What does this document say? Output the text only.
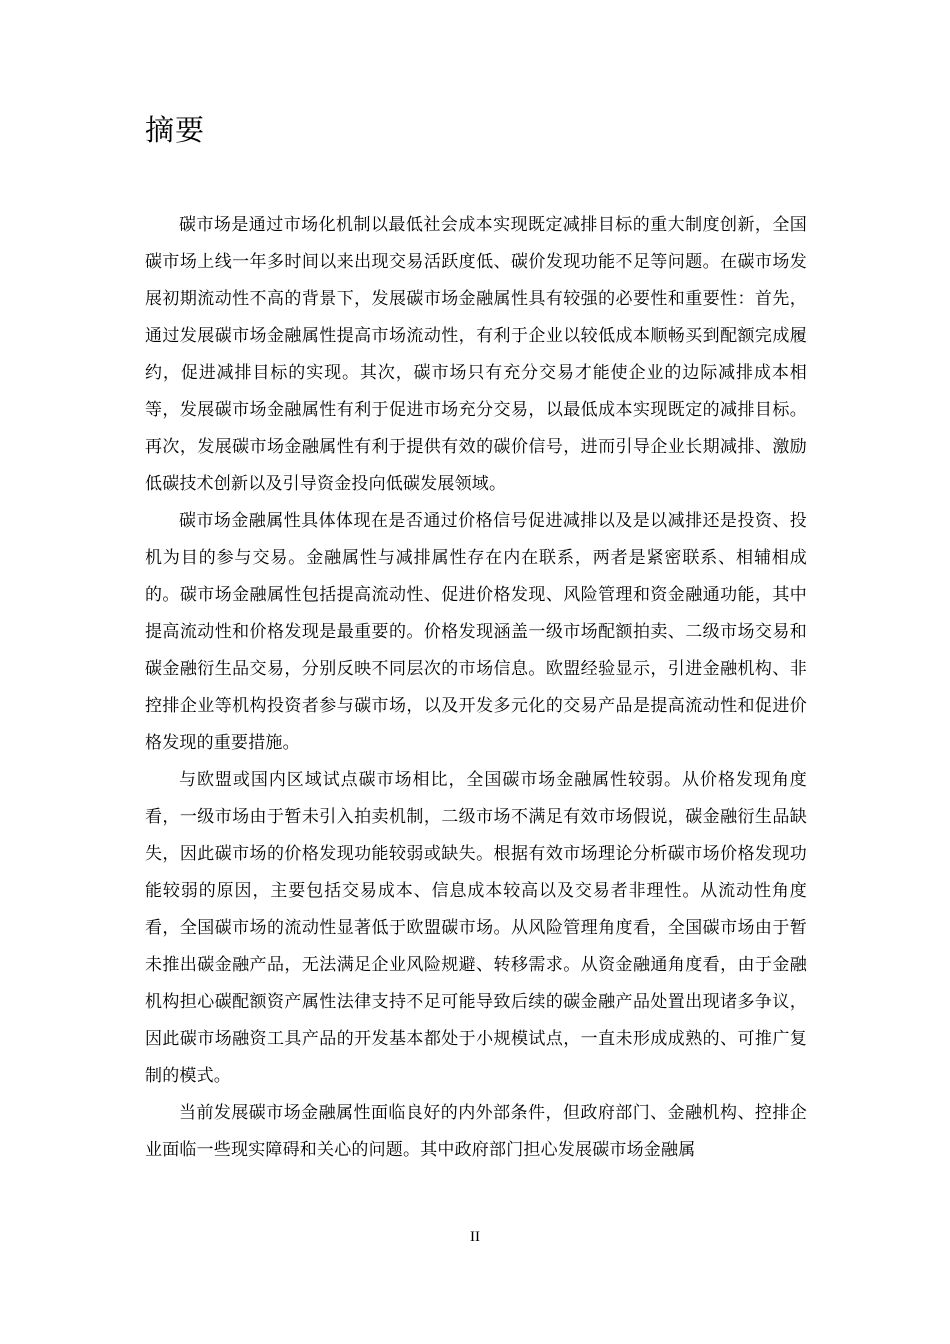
摘要

碳市场是通过市场化机制以最低社会成本实现既定减排目标的重大制度创新，全国碳市场上线一年多时间以来出现交易活跃度低、碳价发现功能不足等问题。在碳市场发展初期流动性不高的背景下，发展碳市场金融属性具有较强的必要性和重要性：首先，通过发展碳市场金融属性提高市场流动性，有利于企业以较低成本顺畅买到配额完成履约，促进减排目标的实现。其次，碳市场只有充分交易才能使企业的边际减排成本相等，发展碳市场金融属性有利于促进市场充分交易，以最低成本实现既定的减排目标。再次，发展碳市场金融属性有利于提供有效的碳价信号，进而引导企业长期减排、激励低碳技术创新以及引导资金投向低碳发展领域。

碳市场金融属性具体体现在是否通过价格信号促进减排以及是以减排还是投资、投机为目的参与交易。金融属性与减排属性存在内在联系，两者是紧密联系、相辅相成的。碳市场金融属性包括提高流动性、促进价格发现、风险管理和资金融通功能，其中提高流动性和价格发现是最重要的。价格发现涵盖一级市场配额拍卖、二级市场交易和碳金融衍生品交易，分别反映不同层次的市场信息。欧盟经验显示，引进金融机构、非控排企业等机构投资者参与碳市场，以及开发多元化的交易产品是提高流动性和促进价格发现的重要措施。

与欧盟或国内区域试点碳市场相比，全国碳市场金融属性较弱。从价格发现角度看，一级市场由于暂未引入拍卖机制，二级市场不满足有效市场假说，碳金融衍生品缺失，因此碳市场的价格发现功能较弱或缺失。根据有效市场理论分析碳市场价格发现功能较弱的原因，主要包括交易成本、信息成本较高以及交易者非理性。从流动性角度看，全国碳市场的流动性显著低于欧盟碳市场。从风险管理角度看，全国碳市场由于暂未推出碳金融产品，无法满足企业风险规避、转移需求。从资金融通角度看，由于金融机构担心碳配额资产属性法律支持不足可能导致后续的碳金融产品处置出现诸多争议，因此碳市场融资工具产品的开发基本都处于小规模试点，一直未形成成熟的、可推广复制的模式。

当前发展碳市场金融属性面临良好的内外部条件，但政府部门、金融机构、控排企业面临一些现实障碍和关心的问题。其中政府部门担心发展碳市场金融属

II
